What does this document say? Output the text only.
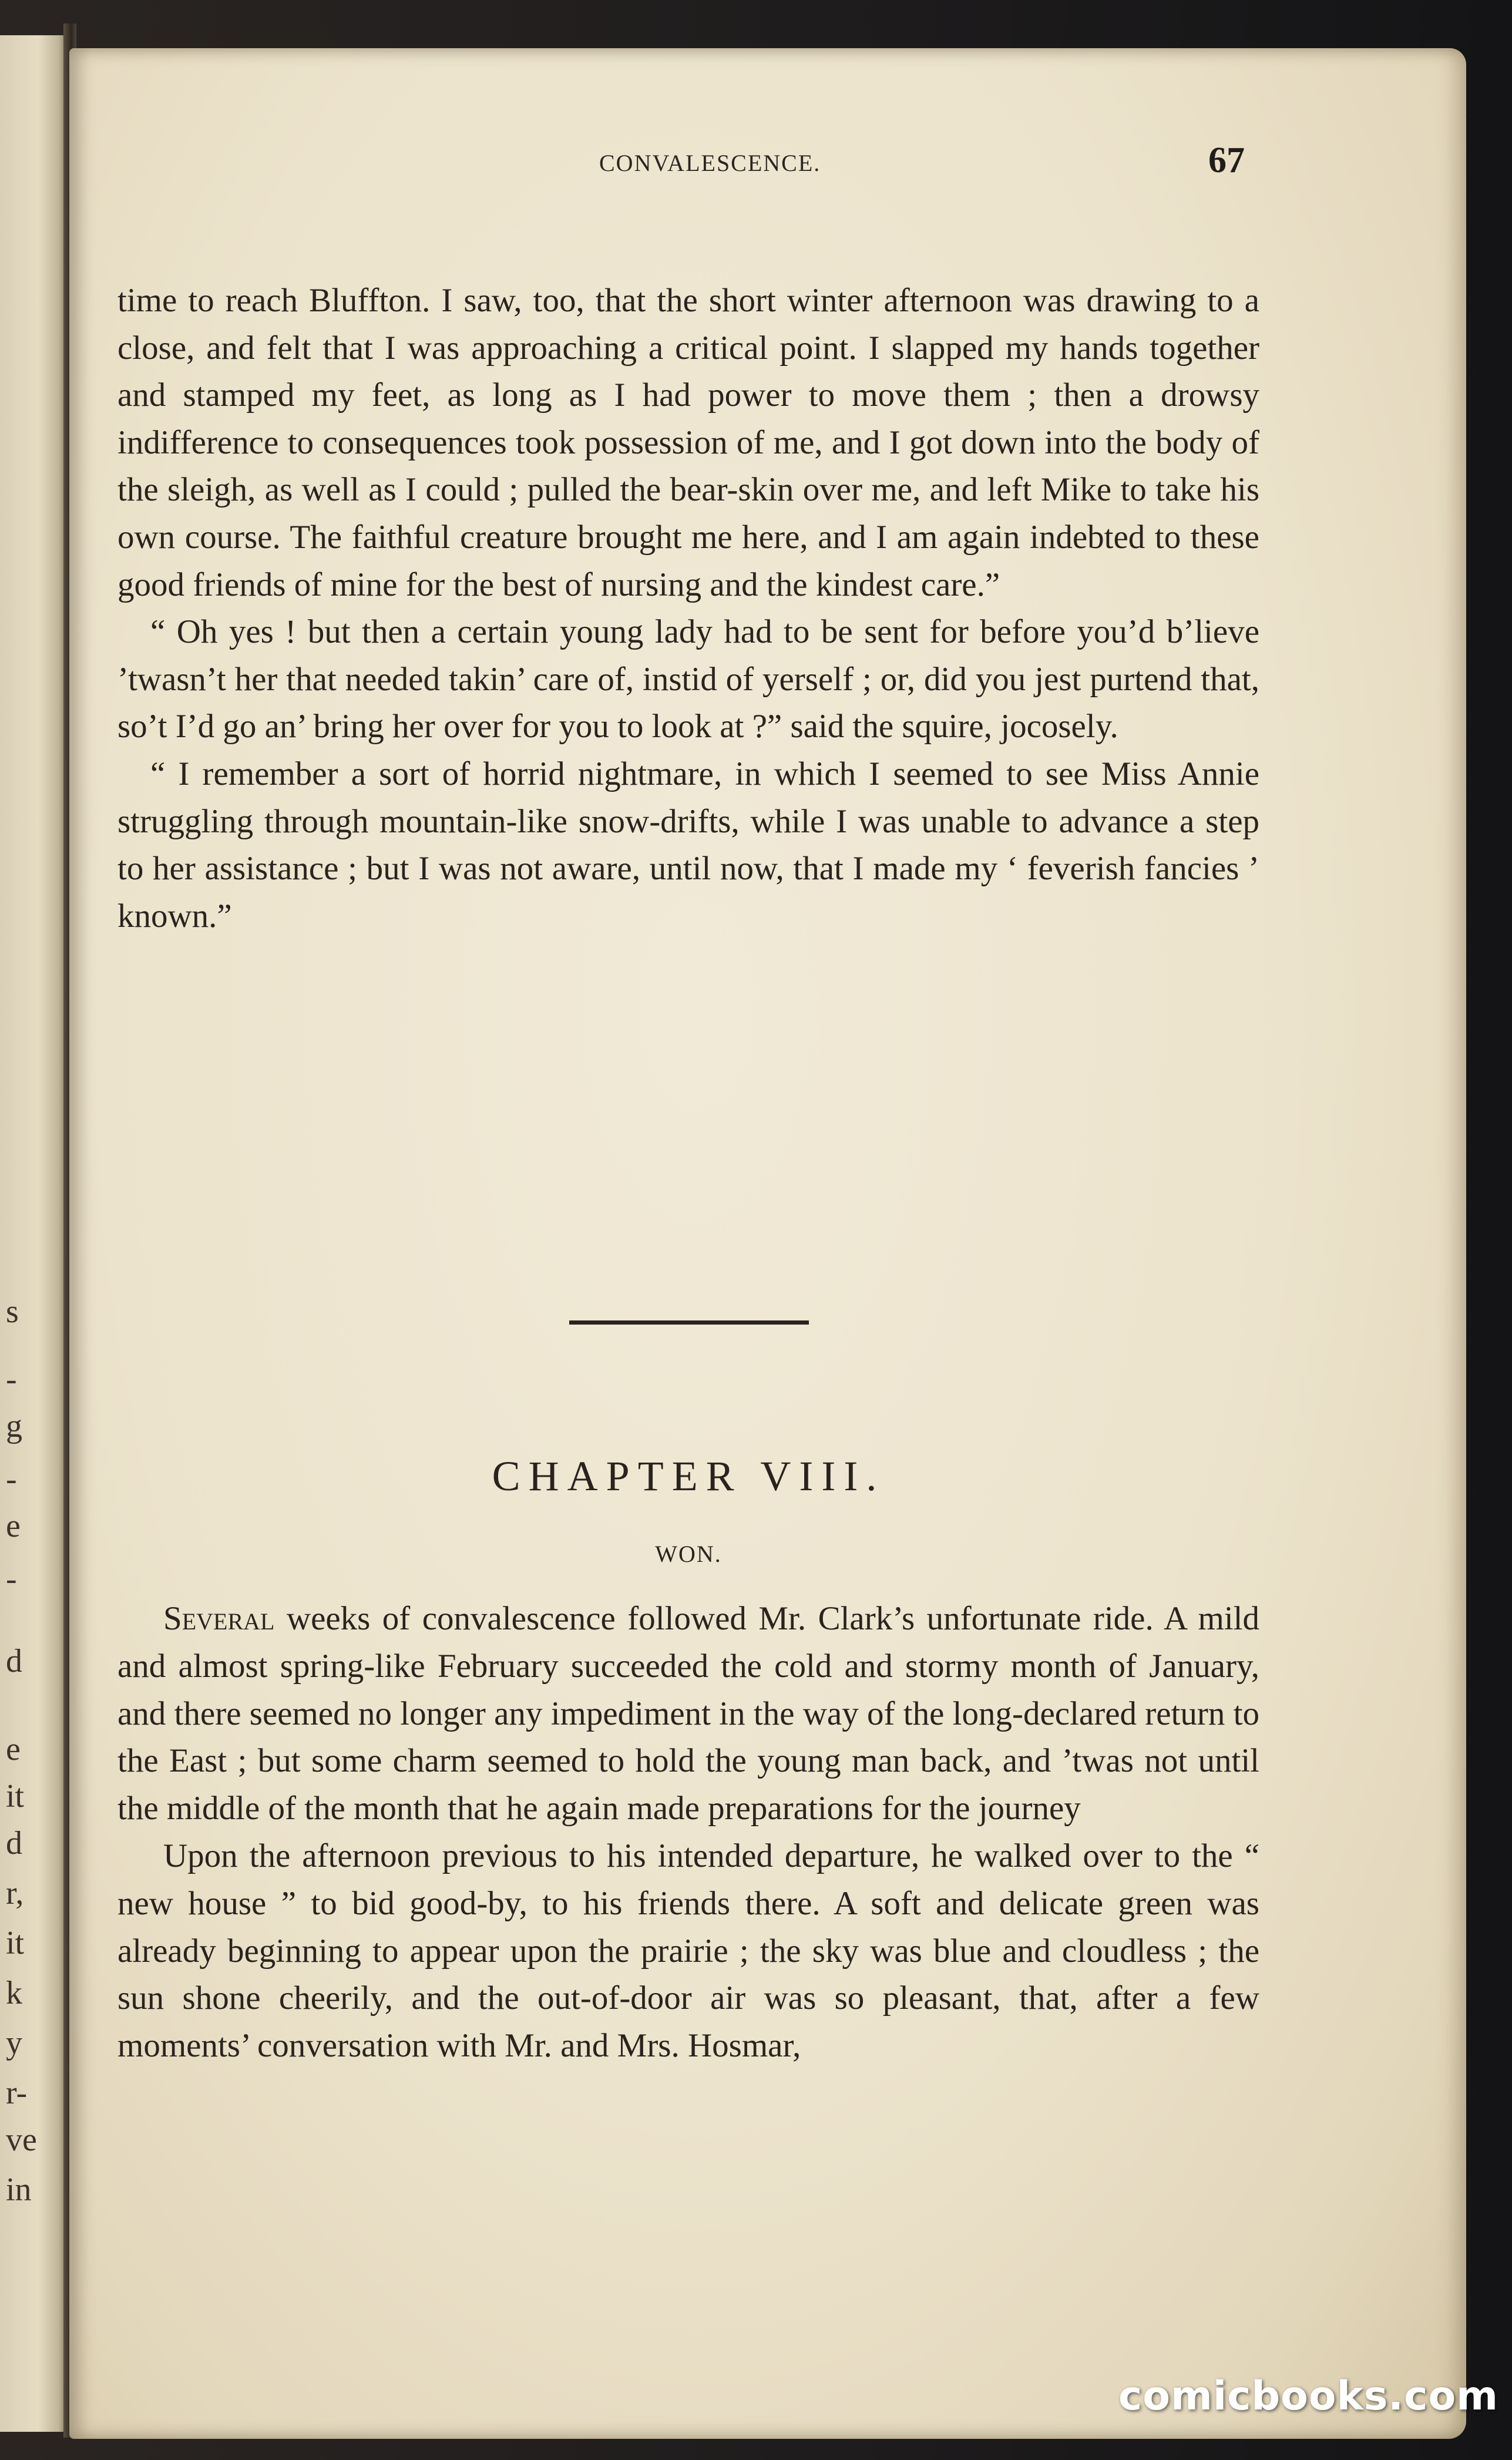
s
-
g
-
e
-
d
e
it
d
r,
it
k
y
r-
ve
in
CONVALESCENCE.	67

time to reach Bluffton. I saw, too, that the short winter afternoon was drawing to a close, and felt that I was approaching a critical point. I slapped my hands together and stamped my feet, as long as I had power to move them ; then a drowsy indifference to consequences took possession of me, and I got down into the body of the sleigh, as well as I could ; pulled the bear-skin over me, and left Mike to take his own course. The faithful creature brought me here, and I am again indebted to these good friends of mine for the best of nursing and the kindest care.”

“ Oh yes ! but then a certain young lady had to be sent for before you’d b’lieve ’twasn’t her that needed takin’ care of, instid of yerself ; or, did you jest purtend that, so’t I’d go an’ bring her over for you to look at ?” said the squire, jocosely.

“ I remember a sort of horrid nightmare, in which I seemed to see Miss Annie struggling through mountain-like snow-drifts, while I was unable to advance a step to her assistance ; but I was not aware, until now, that I made my ‘ feverish fancies ’ known.”

CHAPTER VIII.
WON.

Several weeks of convalescence followed Mr. Clark’s unfortunate ride. A mild and almost spring-like February succeeded the cold and stormy month of January, and there seemed no longer any impediment in the way of the long-declared return to the East ; but some charm seemed to hold the young man back, and ’twas not until the middle of the month that he again made preparations for the journey

Upon the afternoon previous to his intended departure, he walked over to the “ new house ” to bid good-by, to his friends there. A soft and delicate green was already beginning to appear upon the prairie ; the sky was blue and cloudless ; the sun shone cheerily, and the out-of-door air was so pleasant, that, after a few moments’ conversation with Mr. and Mrs. Hosmar,

comicbooks.com
